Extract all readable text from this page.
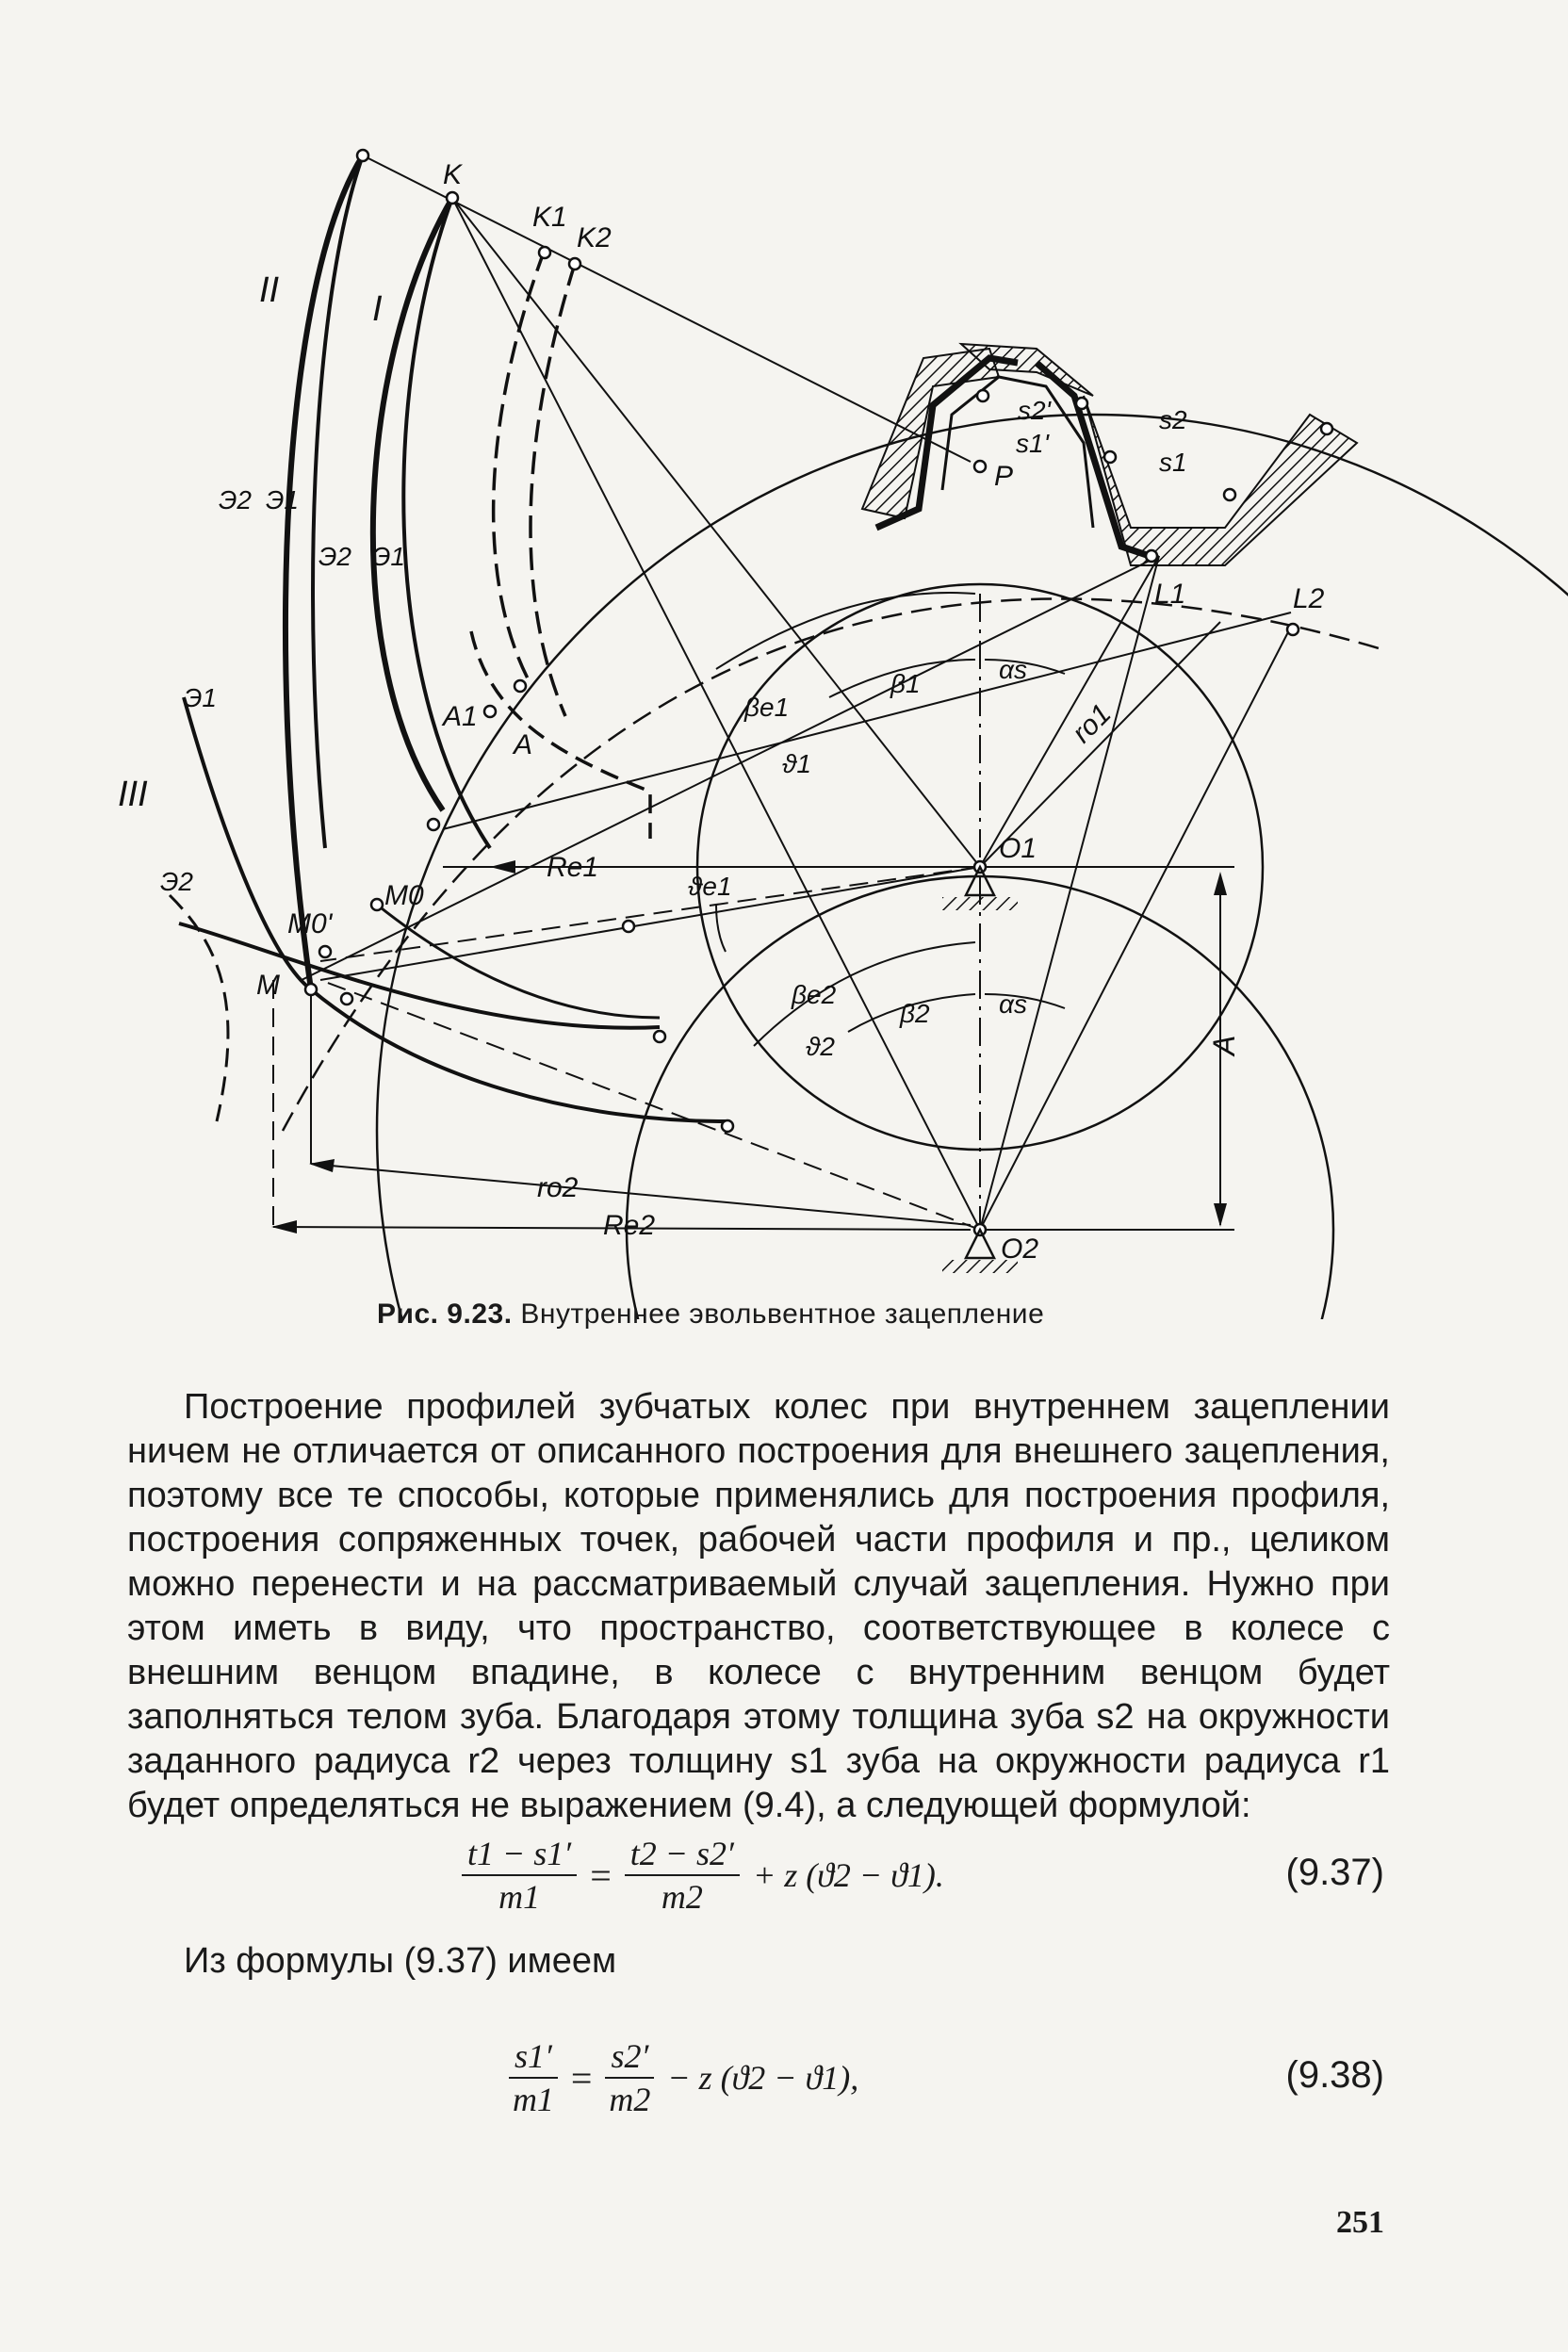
K
K1
K2
II	I
Э2 Э1
Э2 Э1
Э1
III
Э2
A1
A
M0'
M0
M
Re1
ro2
Re2
O1
O2
P
L1	L2
ro1
A
s2'
s1'
s2
s1
βe1
β1	αs
ϑ1
ϑe1
βe2
β2	αs
ϑ2
Рис. 9.23. Внутреннее эвольвентное зацепление
Построение профилей зубчатых колес при внутреннем зацеплении ничем не отличается от описанного построения для внешнего зацепления, поэтому все те способы, которые применялись для построения профиля, построения сопряженных точек, рабочей части профиля и пр., целиком можно перенести и на рассматриваемый случай зацепления. Нужно при этом иметь в виду, что пространство, соответствующее в колесе с внешним венцом впадине, в колесе с внутренним венцом будет заполняться телом зуба. Благодаря этому толщина зуба s2 на окружности заданного радиуса r2 через толщину s1 зуба на окружности радиуса r1 будет определяться не выражением (9.4), а следующей формулой:
$\frac{t1 - s1'}{m1} = \frac{t2 - s2'}{m2} + z$ (ϑ2 − ϑ1).	(9.37)
Из формулы (9.37) имеем
$\frac{s1'}{m1} = \frac{s2'}{m2} - z$ (ϑ2 − ϑ1),	(9.38)
251
